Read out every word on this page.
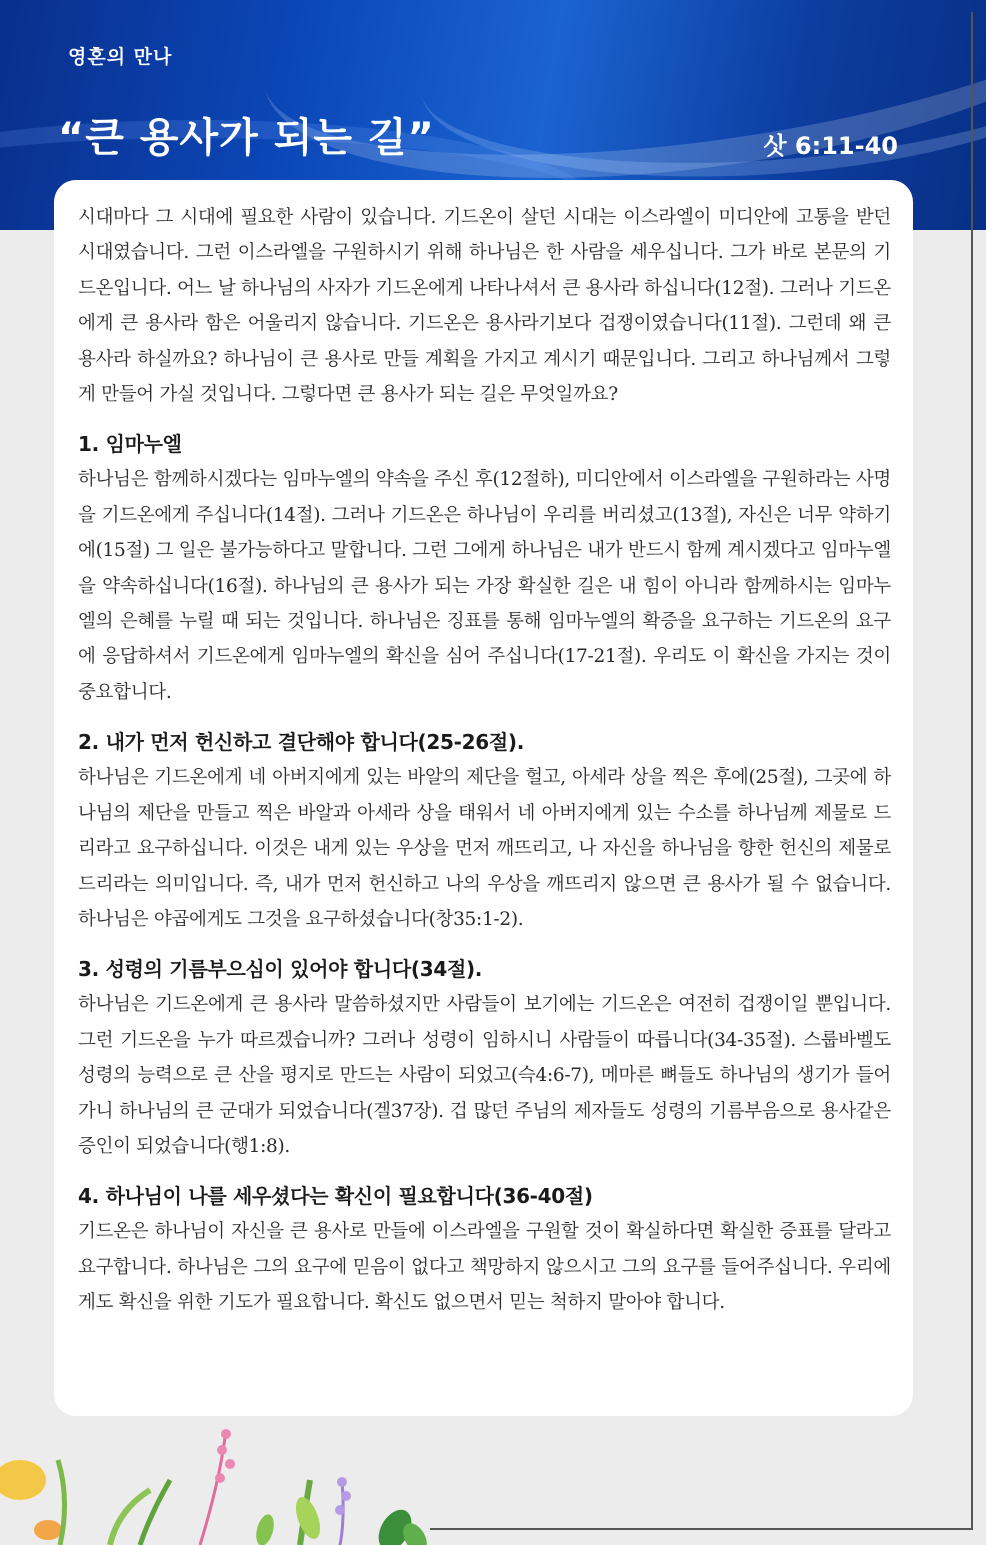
영혼의 만나
“큰 용사가 되는 길”	삿 6:11-40

시대마다 그 시대에 필요한 사람이 있습니다. 기드온이 살던 시대는 이스라엘이 미디안에 고통을 받던 시대였습니다. 그런 이스라엘을 구원하시기 위해 하나님은 한 사람을 세우십니다. 그가 바로 본문의 기드온입니다. 어느 날 하나님의 사자가 기드온에게 나타나셔서 큰 용사라 하십니다(12절). 그러나 기드온에게 큰 용사라 함은 어울리지 않습니다. 기드온은 용사라기보다 겁쟁이였습니다(11절). 그런데 왜 큰 용사라 하실까요? 하나님이 큰 용사로 만들 계획을 가지고 계시기 때문입니다. 그리고 하나님께서 그렇게 만들어 가실 것입니다. 그렇다면 큰 용사가 되는 길은 무엇일까요?

1. 임마누엘

하나님은 함께하시겠다는 임마누엘의 약속을 주신 후(12절하), 미디안에서 이스라엘을 구원하라는 사명을 기드온에게 주십니다(14절). 그러나 기드온은 하나님이 우리를 버리셨고(13절), 자신은 너무 약하기에(15절) 그 일은 불가능하다고 말합니다. 그런 그에게 하나님은 내가 반드시 함께 계시겠다고 임마누엘을 약속하십니다(16절). 하나님의 큰 용사가 되는 가장 확실한 길은 내 힘이 아니라 함께하시는 임마누엘의 은혜를 누릴 때 되는 것입니다. 하나님은 징표를 통해 임마누엘의 확증을 요구하는 기드온의 요구에 응답하셔서 기드온에게 임마누엘의 확신을 심어 주십니다(17-21절). 우리도 이 확신을 가지는 것이 중요합니다.

2. 내가 먼저 헌신하고 결단해야 합니다(25-26절).

하나님은 기드온에게 네 아버지에게 있는 바알의 제단을 헐고, 아세라 상을 찍은 후에(25절), 그곳에 하나님의 제단을 만들고 찍은 바알과 아세라 상을 태워서 네 아버지에게 있는 수소를 하나님께 제물로 드리라고 요구하십니다. 이것은 내게 있는 우상을 먼저 깨뜨리고, 나 자신을 하나님을 향한 헌신의 제물로 드리라는 의미입니다. 즉, 내가 먼저 헌신하고 나의 우상을 깨뜨리지 않으면 큰 용사가 될 수 없습니다. 하나님은 야곱에게도 그것을 요구하셨습니다(창35:1-2).

3. 성령의 기름부으심이 있어야 합니다(34절).

하나님은 기드온에게 큰 용사라 말씀하셨지만 사람들이 보기에는 기드온은 여전히 겁쟁이일 뿐입니다. 그런 기드온을 누가 따르겠습니까? 그러나 성령이 임하시니 사람들이 따릅니다(34-35절). 스룹바벨도 성령의 능력으로 큰 산을 평지로 만드는 사람이 되었고(슥4:6-7), 메마른 뼈들도 하나님의 생기가 들어가니 하나님의 큰 군대가 되었습니다(겔37장). 겁 많던 주님의 제자들도 성령의 기름부음으로 용사같은 증인이 되었습니다(행1:8).

4. 하나님이 나를 세우셨다는 확신이 필요합니다(36-40절)

기드온은 하나님이 자신을 큰 용사로 만들에 이스라엘을 구원할 것이 확실하다면 확실한 증표를 달라고 요구합니다. 하나님은 그의 요구에 믿음이 없다고 책망하지 않으시고 그의 요구를 들어주십니다. 우리에게도 확신을 위한 기도가 필요합니다. 확신도 없으면서 믿는 척하지 말아야 합니다.
